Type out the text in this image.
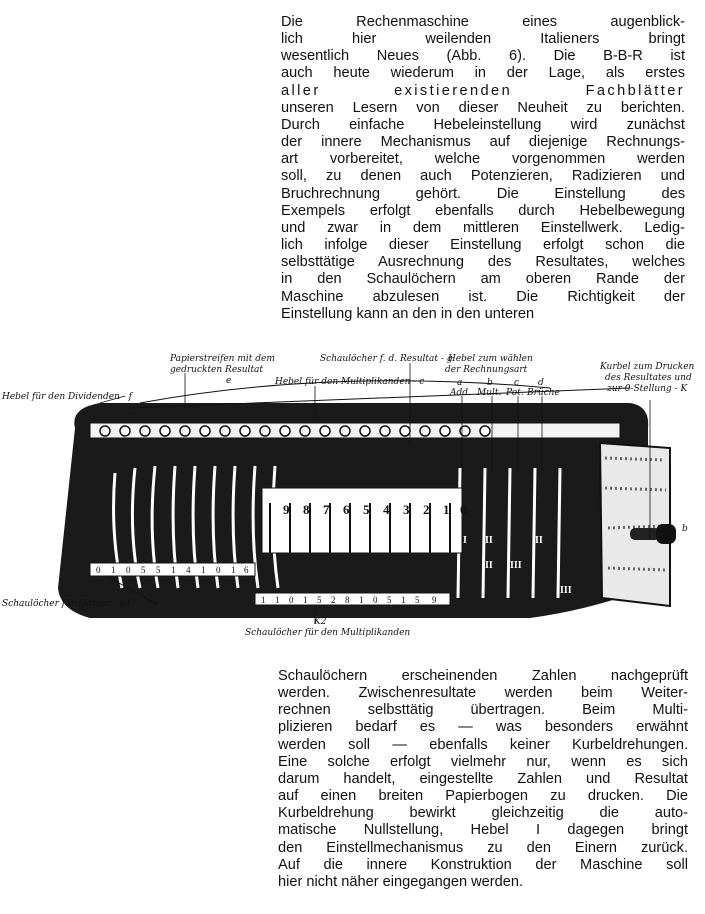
Die Rechenmaschine eines augenblick-
lich hier weilenden Italieners bringt
wesentlich Neues (Abb. 6). Die B-B-R ist
auch heute wiederum in der Lage, als erstes
aller existierenden Fachblätter
unseren Lesern von dieser Neuheit zu berichten.
Durch einfache Hebeleinstellung wird zunächst
der innere Mechanismus auf diejenige Rechnungs-
art vorbereitet, welche vorgenommen werden
soll, zu denen auch Potenzieren, Radizieren und
Bruchrechnung gehört. Die Einstellung des
Exempels erfolgt ebenfalls durch Hebelbewegung
und zwar in dem mittleren Einstellwerk. Ledig-
lich infolge dieser Einstellung erfolgt schon die
selbsttätige Ausrechnung des Resultates, welches
in den Schaulöchern am oberen Rande der
Maschine abzulesen ist. Die Richtigkeit der
Einstellung kann an den in den unteren
9 8 7 6 5 4 3 2 1 0
I II
III
II
II
III
0 1 0 5 5 1 4 1 0 1 6
1 1 0 1 5 2 8 1 0 5 1 5 9
Papierstreifen mit dem
gedruckten Resultat
e
Schaulöcher f. d. Resultat - g
Hebel für den Multiplikanden - c
Hebel zum wählen
der Rechnungsart
a	b c d
Add. Mult. Pot. Brüche
Kurbel zum Drucken
des Resultates und
zur 0-Stellung - K
Hebel für den Dividenden - f
Schaulöcher für Divisor - g4
Schaulöcher für den Multiplikanden
b
K2
Schaulöchern erscheinenden Zahlen nachgeprüft
werden. Zwischenresultate werden beim Weiter-
rechnen selbsttätig übertragen. Beim Multi-
plizieren bedarf es — was besonders erwähnt
werden soll — ebenfalls keiner Kurbeldrehungen.
Eine solche erfolgt vielmehr nur, wenn es sich
darum handelt, eingestellte Zahlen und Resultat
auf einen breiten Papierbogen zu drucken. Die
Kurbeldrehung bewirkt gleichzeitig die auto-
matische Nullstellung, Hebel I dagegen bringt
den Einstellmechanismus zu den Einern zurück.
Auf die innere Konstruktion der Maschine soll
hier nicht näher eingegangen werden.
